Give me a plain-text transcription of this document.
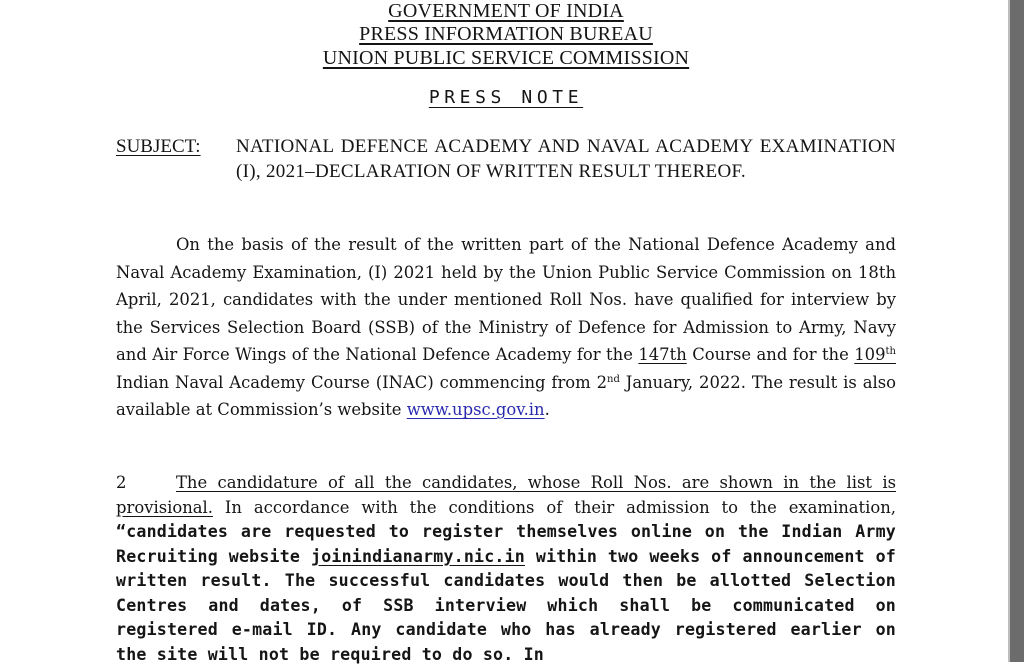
GOVERNMENT OF INDIA
PRESS INFORMATION BUREAU
UNION PUBLIC SERVICE COMMISSION
PRESS NOTE
SUBJECT: NATIONAL DEFENCE ACADEMY AND NAVAL ACADEMY EXAMINATION (I), 2021–DECLARATION OF WRITTEN RESULT THEREOF.
On the basis of the result of the written part of the National Defence Academy and Naval Academy Examination, (I) 2021 held by the Union Public Service Commission on 18th April, 2021, candidates with the under mentioned Roll Nos. have qualified for interview by the Services Selection Board (SSB) of the Ministry of Defence for Admission to Army, Navy and Air Force Wings of the National Defence Academy for the 147th Course and for the 109th Indian Naval Academy Course (INAC) commencing from 2nd January, 2022. The result is also available at Commission’s website www.upsc.gov.in.
2	The candidature of all the candidates, whose Roll Nos. are shown in the list is provisional. In accordance with the conditions of their admission to the examination, “candidates are requested to register themselves online on the Indian Army Recruiting website joinindianarmy.nic.in within two weeks of announcement of written result. The successful candidates would then be allotted Selection Centres and dates, of SSB interview which shall be communicated on registered e-mail ID. Any candidate who has already registered earlier on the site will not be required to do so. In
